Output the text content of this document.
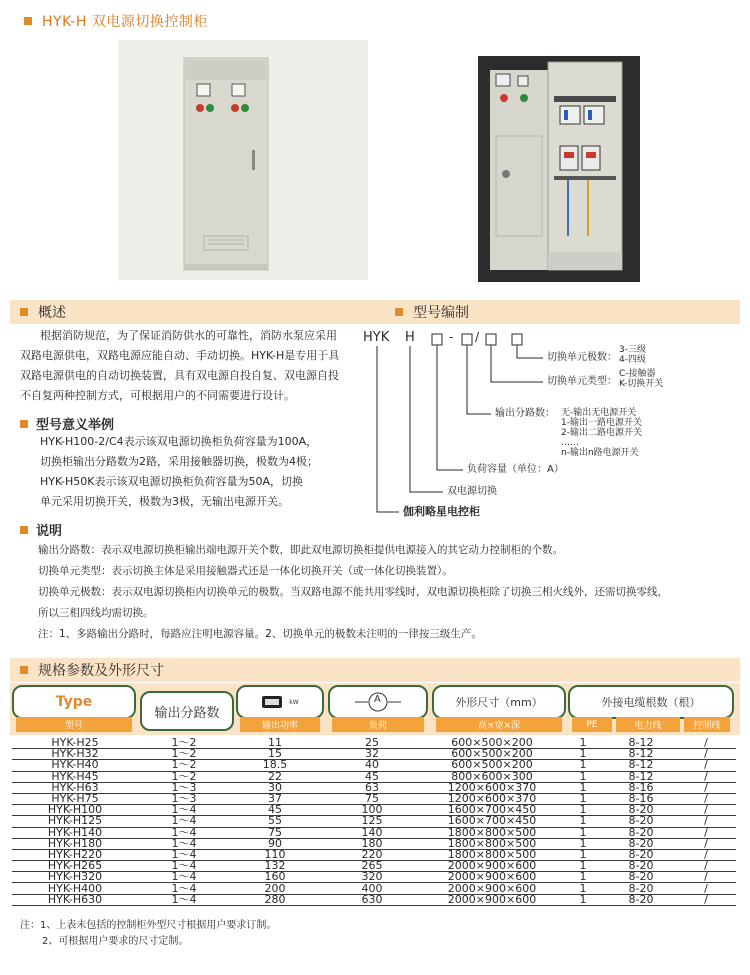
HYK-H 双电源切换控制柜
概述	型号编制
根据消防规范，为了保证消防供水的可靠性，消防水泵应采用
双路电源供电，双路电源应能自动、手动切换。HYK-H是专用于具
双路电源供电的自动切换装置，具有双电源自投自复、双电源自投
不自复两种控制方式，可根据用户的不同需要进行设计。
型号意义举例
HYK-H100-2/C4表示该双电源切换柜负荷容量为100A，
切换柜输出分路数为2路，采用接触器切换，极数为4极；
HYK-H50K表示该双电源切换柜负荷容量为50A，切换
单元采用切换开关，极数为3极，无输出电源开关。
HYK H	- /
切换单元极数：
3-三级
4-四级
切换单元类型：
C-接触器
K-切换开关
输出分路数： 无-输出无电源开关
1-输出一路电源开关
2-输出二路电源开关
……
n-输出n路电源开关
负荷容量（单位：A）
双电源切换
伽利略星电控柜
说明
输出分路数：表示双电源切换柜输出端电源开关个数，即此双电源切换柜提供电源接入的其它动力控制柜的个数。
切换单元类型：表示切换主体是采用接触器式还是一体化切换开关（或一体化切换装置）。
切换单元极数：表示双电源切换柜内切换单元的极数。当双路电源不能共用零线时，双电源切换柜除了切换三相火线外，还需切换零线，
所以三相四线均需切换。
注：1、多路输出分路时，每路应注明电源容量。2、切换单元的极数未注明的一律按三级生产。
规格参数及外形尺寸
Type
型号
输出分路数
kW
输出功率
A
负荷
外形尺寸（mm）
高×宽×深
外接电缆根数（根）
PE	电力线	控制线
HYK-H25	1～2	11	25	600×500×200	1	8-12	/
HYK-H32	1～2	15	32	600×500×200	1	8-12	/
HYK-H40	1～2	18.5	40	600×500×200	1	8-12	/
HYK-H45	1～2	22	45	800×600×300	1	8-12	/
HYK-H63	1～3	30	63	1200×600×370	1	8-16	/
HYK-H75	1～3	37	75	1200×600×370	1	8-16	/
HYK-H100	1～4	45	100	1600×700×450	1	8-20	/
HYK-H125	1～4	55	125	1600×700×450	1	8-20	/
HYK-H140	1～4	75	140	1800×800×500	1	8-20	/
HYK-H180	1～4	90	180	1800×800×500	1	8-20	/
HYK-H220	1～4	110	220	1800×800×500	1	8-20	/
HYK-H265	1～4	132	265	2000×900×600	1	8-20	/
HYK-H320	1～4	160	320	2000×900×600	1	8-20	/
HYK-H400	1～4	200	400	2000×900×600	1	8-20	/
HYK-H630	1～4	280	630	2000×900×600	1	8-20	/
注：1、上表未包括的控制柜外型尺寸根据用户要求订制。
2、可根据用户要求的尺寸定制。
